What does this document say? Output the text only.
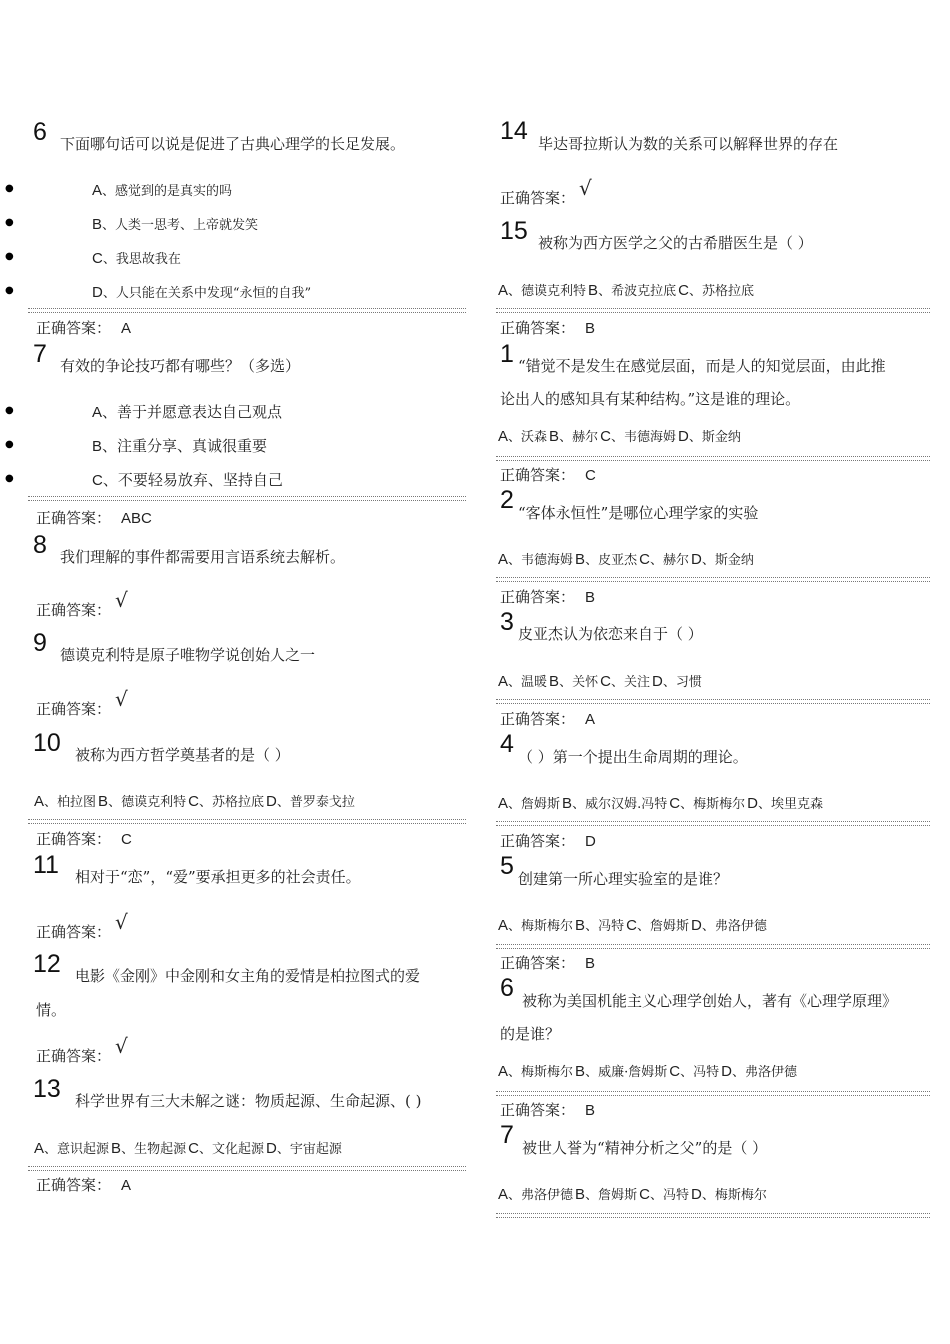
6 下面哪句话可以说是促进了古典心理学的长足发展。
●	A、感觉到的是真实的吗
●	B、人类一思考、上帝就发笑
●	C、我思故我在
●	D、人只能在关系中发现“永恒的自我”
正确答案： A
7 有效的争论技巧都有哪些？（多选）
●	A、善于并愿意表达自己观点
●	B、注重分享、真诚很重要
●	C、不要轻易放弃、坚持自己
正确答案： ABC
8 我们理解的事件都需要用言语系统去解析。
正确答案： √
9 德谟克利特是原子唯物学说创始人之一
正确答案： √
10 被称为西方哲学奠基者的是（ ）
A、柏拉图 B、德谟克利特 C、苏格拉底 D、普罗泰戈拉
正确答案： C
11 相对于“恋”，“爱”要承担更多的社会责任。
正确答案： √
12 电影《金刚》中金刚和女主角的爱情是柏拉图式的爱
情。
正确答案： √
13 科学世界有三大未解之谜：物质起源、生命起源、( )
A、意识起源 B、生物起源 C、文化起源 D、宇宙起源
正确答案： A
14 毕达哥拉斯认为数的关系可以解释世界的存在
正确答案： √
15 被称为西方医学之父的古希腊医生是（ ）
A、德谟克利特 B、希波克拉底 C、苏格拉底
正确答案： B
1 “错觉不是发生在感觉层面，而是人的知觉层面，由此推
论出人的感知具有某种结构。”这是谁的理论。
A、沃森 B、赫尔 C、韦德海姆 D、斯金纳
正确答案： C
2 “客体永恒性”是哪位心理学家的实验
A、韦德海姆 B、皮亚杰 C、赫尔 D、斯金纳
正确答案： B
3 皮亚杰认为依恋来自于（ ）
A、温暖 B、关怀 C、关注 D、习惯
正确答案： A
4 （ ）第一个提出生命周期的理论。
A、詹姆斯 B、威尔汉姆.冯特 C、梅斯梅尔 D、埃里克森
正确答案： D
5 创建第一所心理实验室的是谁？
A、梅斯梅尔 B、冯特 C、詹姆斯 D、弗洛伊德
正确答案： B
6 被称为美国机能主义心理学创始人，著有《心理学原理》
的是谁？
A、梅斯梅尔 B、威廉·詹姆斯 C、冯特 D、弗洛伊德
正确答案： B
7 被世人誉为“精神分析之父”的是（ ）
A、弗洛伊德 B、詹姆斯 C、冯特 D、梅斯梅尔
